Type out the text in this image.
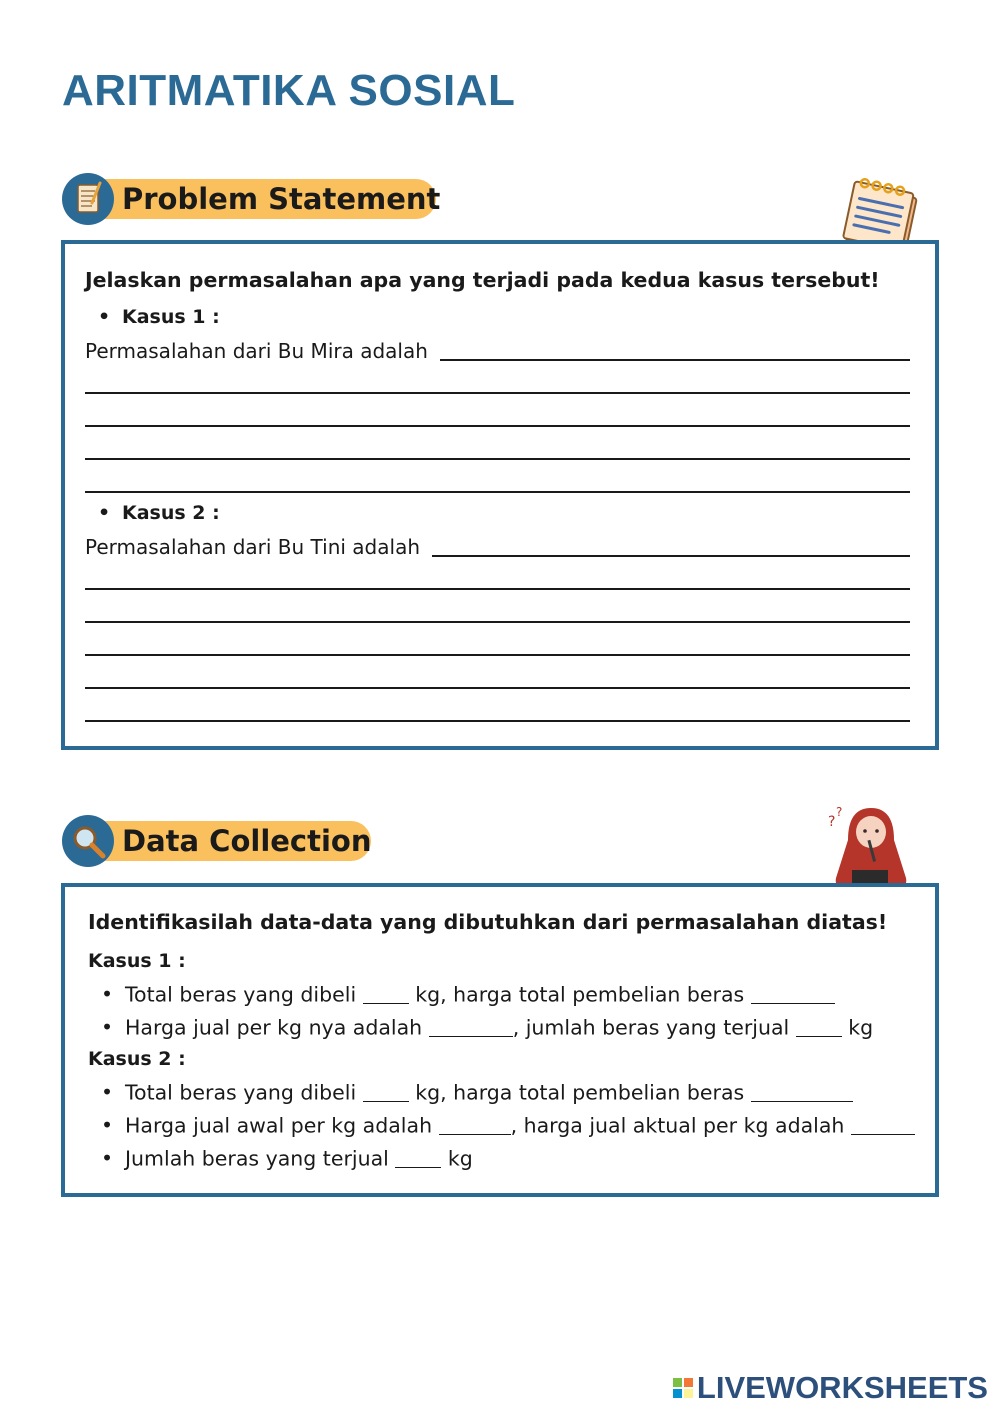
ARITMATIKA SOSIAL
Problem Statement

Jelaskan permasalahan apa yang terjadi pada kedua kasus tersebut!

• Kasus 1 :
Permasalahan dari Bu Mira adalah
• Kasus 2 :
Permasalahan dari Bu Tini adalah
Data Collection
?
?

Identifikasilah data-data yang dibutuhkan dari permasalahan diatas!

Kasus 1 :
• Total beras yang dibeli	kg, harga total pembelian beras
• Harga jual per kg nya adalah	, jumlah beras yang terjual	kg
Kasus 2 :
• Total beras yang dibeli	kg, harga total pembelian beras
• Harga jual awal per kg adalah	, harga jual aktual per kg adalah
• Jumlah beras yang terjual	kg
LIVEWORKSHEETS
